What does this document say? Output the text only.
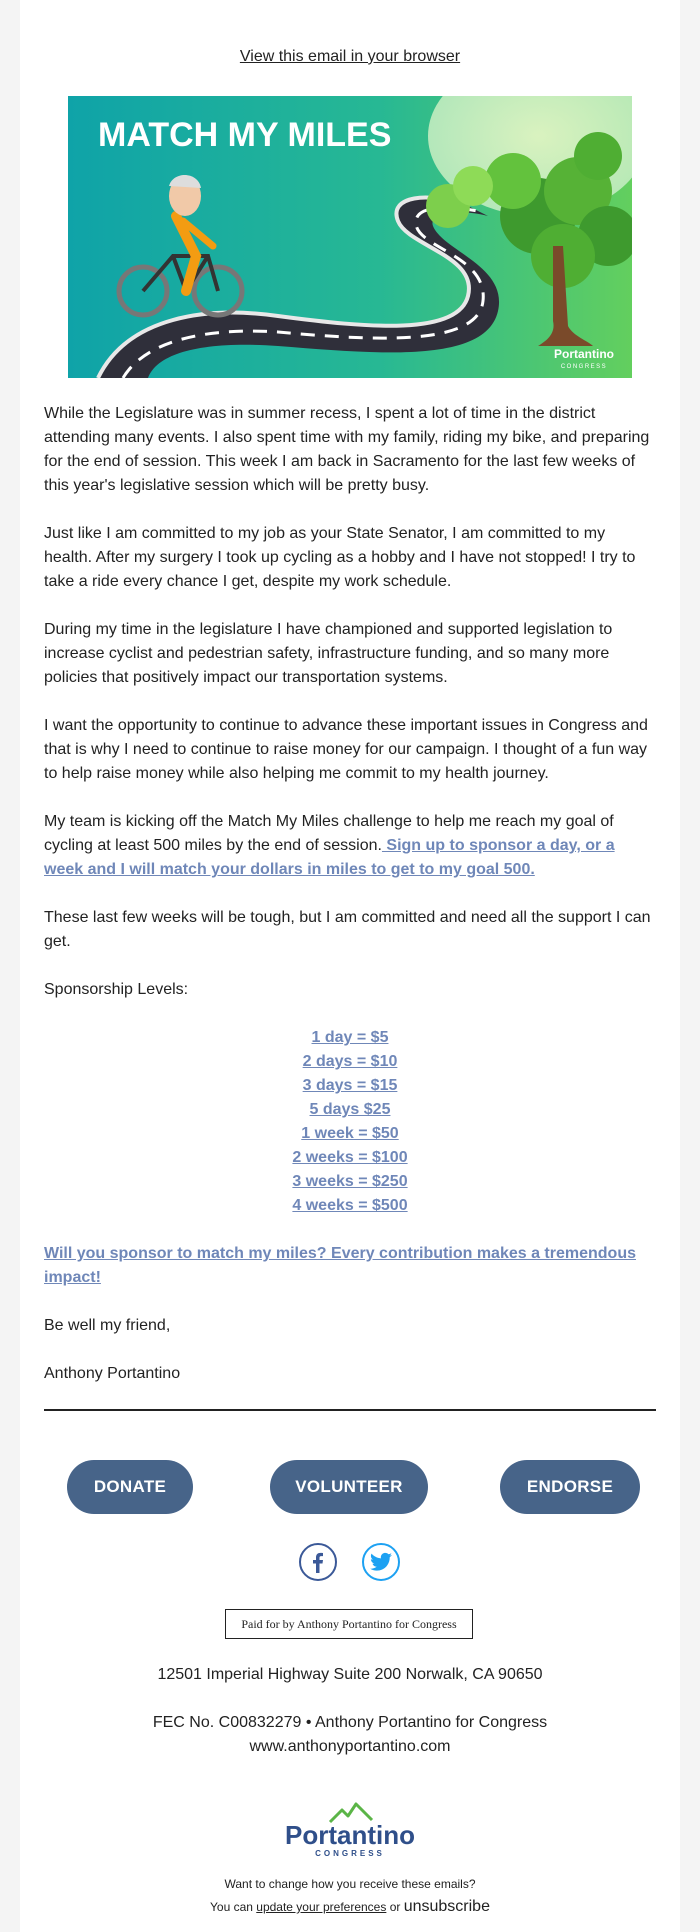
View this email in your browser
MATCH MY MILES
Portantino
CONGRESS

While the Legislature was in summer recess, I spent a lot of time in the district attending many events. I also spent time with my family, riding my bike, and preparing for the end of session. This week I am back in Sacramento for the last few weeks of this year's legislative session which will be pretty busy.

Just like I am committed to my job as your State Senator, I am committed to my health. After my surgery I took up cycling as a hobby and I have not stopped! I try to take a ride every chance I get, despite my work schedule.

During my time in the legislature I have championed and supported legislation to increase cyclist and pedestrian safety, infrastructure funding, and so many more policies that positively impact our transportation systems.

I want the opportunity to continue to advance these important issues in Congress and that is why I need to continue to raise money for our campaign. I thought of a fun way to help raise money while also helping me commit to my health journey.

My team is kicking off the Match My Miles challenge to help me reach my goal of cycling at least 500 miles by the end of session. Sign up to sponsor a day, or a week and I will match your dollars in miles to get to my goal 500.

These last few weeks will be tough, but I am committed and need all the support I can get.

Sponsorship Levels:

1 day = $5
2 days = $10
3 days = $15
5 days $25
1 week = $50
2 weeks = $100
3 weeks = $250
4 weeks = $500

Will you sponsor to match my miles? Every contribution makes a tremendous impact!

Be well my friend,

Anthony Portantino

DONATE	VOLUNTEER	ENDORSE
Paid for by Anthony Portantino for Congress
12501 Imperial Highway Suite 200 Norwalk, CA 90650
FEC No. C00832279 • Anthony Portantino for Congress
www.anthonyportantino.com
Portantino
CONGRESS
Want to change how you receive these emails?
You can update your preferences or unsubscribe
